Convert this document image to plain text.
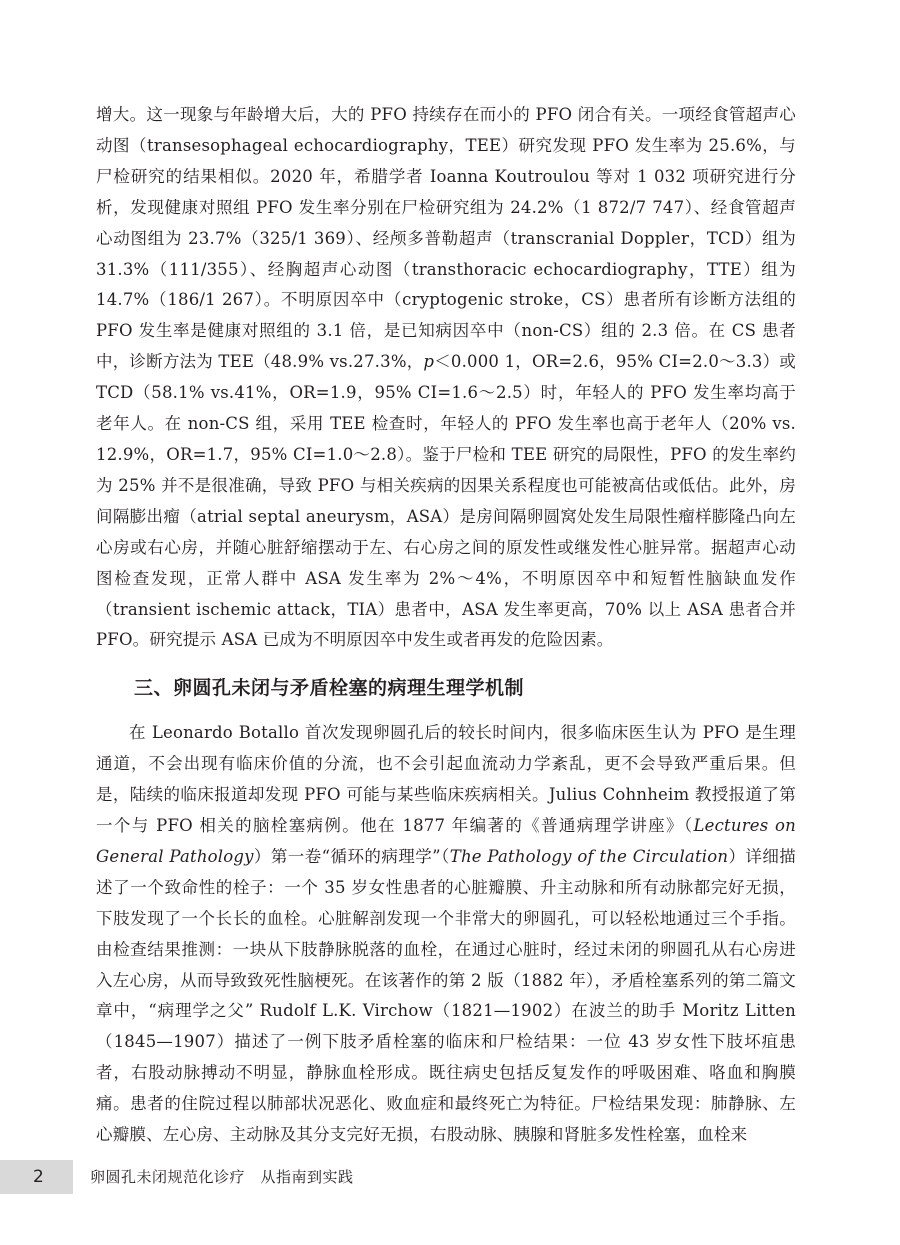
增大。这一现象与年龄增大后，大的 PFO 持续存在而小的 PFO 闭合有关。一项经食管超声心动图（transesophageal echocardiography，TEE）研究发现 PFO 发生率为 25.6%，与尸检研究的结果相似。2020 年，希腊学者 Ioanna Koutroulou 等对 1 032 项研究进行分析，发现健康对照组 PFO 发生率分别在尸检研究组为 24.2%（1 872/7 747）、经食管超声心动图组为 23.7%（325/1 369）、经颅多普勒超声（transcranial Doppler，TCD）组为 31.3%（111/355）、经胸超声心动图（transthoracic echocardiography，TTE）组为 14.7%（186/1 267）。不明原因卒中（cryptogenic stroke，CS）患者所有诊断方法组的 PFO 发生率是健康对照组的 3.1 倍，是已知病因卒中（non-CS）组的 2.3 倍。在 CS 患者中，诊断方法为 TEE（48.9% vs.27.3%，p＜0.000 1，OR=2.6，95% CI=2.0～3.3）或 TCD（58.1% vs.41%，OR=1.9，95% CI=1.6～2.5）时，年轻人的 PFO 发生率均高于老年人。在 non-CS 组，采用 TEE 检查时，年轻人的 PFO 发生率也高于老年人（20% vs. 12.9%，OR=1.7，95% CI=1.0～2.8）。鉴于尸检和 TEE 研究的局限性，PFO 的发生率约为 25% 并不是很准确，导致 PFO 与相关疾病的因果关系程度也可能被高估或低估。此外，房间隔膨出瘤（atrial septal aneurysm，ASA）是房间隔卵圆窝处发生局限性瘤样膨隆凸向左心房或右心房，并随心脏舒缩摆动于左、右心房之间的原发性或继发性心脏异常。据超声心动图检查发现，正常人群中 ASA 发生率为 2%～4%，不明原因卒中和短暂性脑缺血发作（transient ischemic attack，TIA）患者中，ASA 发生率更高，70% 以上 ASA 患者合并 PFO。研究提示 ASA 已成为不明原因卒中发生或者再发的危险因素。

三、卵圆孔未闭与矛盾栓塞的病理生理学机制

在 Leonardo Botallo 首次发现卵圆孔后的较长时间内，很多临床医生认为 PFO 是生理通道，不会出现有临床价值的分流，也不会引起血流动力学紊乱，更不会导致严重后果。但是，陆续的临床报道却发现 PFO 可能与某些临床疾病相关。Julius Cohnheim 教授报道了第一个与 PFO 相关的脑栓塞病例。他在 1877 年编著的《普通病理学讲座》（Lectures on General Pathology）第一卷“循环的病理学”（The Pathology of the Circulation）详细描述了一个致命性的栓子：一个 35 岁女性患者的心脏瓣膜、升主动脉和所有动脉都完好无损，下肢发现了一个长长的血栓。心脏解剖发现一个非常大的卵圆孔，可以轻松地通过三个手指。由检查结果推测：一块从下肢静脉脱落的血栓，在通过心脏时，经过未闭的卵圆孔从右心房进入左心房，从而导致致死性脑梗死。在该著作的第 2 版（1882 年），矛盾栓塞系列的第二篇文章中，“病理学之父” Rudolf L.K. Virchow（1821—1902）在波兰的助手 Moritz Litten（1845—1907）描述了一例下肢矛盾栓塞的临床和尸检结果：一位 43 岁女性下肢坏疽患者，右股动脉搏动不明显，静脉血栓形成。既往病史包括反复发作的呼吸困难、咯血和胸膜痛。患者的住院过程以肺部状况恶化、败血症和最终死亡为特征。尸检结果发现：肺静脉、左心瓣膜、左心房、主动脉及其分支完好无损，右股动脉、胰腺和肾脏多发性栓塞，血栓来

2	卵圆孔未闭规范化诊疗　从指南到实践
